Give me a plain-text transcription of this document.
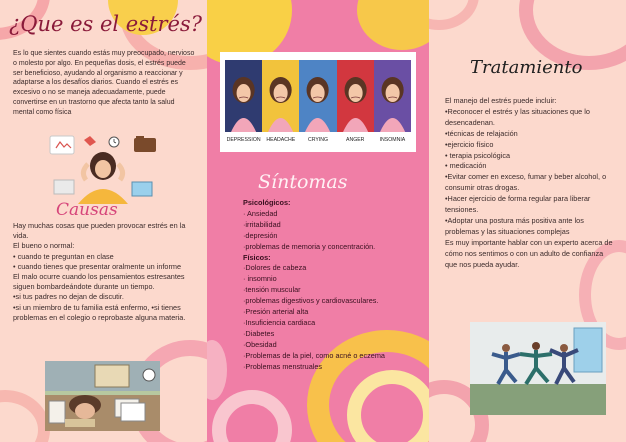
¿Que es el estrés?
Es lo que sientes cuando estás muy preocupado, nervioso o molesto por algo. En pequeñas dosis, el estrés puede ser beneficioso, ayudando al organismo a reaccionar y adaptarse a los desafíos diarios. Cuando el estrés es excesivo o no se maneja adecuadamente, puede convertirse en un trastorno que afecta tanto la salud mental como física
Causas
Hay muchas cosas que pueden provocar estrés en la vida.
El bueno o normal:
• cuando te preguntan en clase
• cuando tienes que presentar oralmente un informe
El malo ocurre cuando los pensamientos estresantes siguen bombardeándote durante un tiempo.
•si tus padres no dejan de discutir.
•si un miembro de tu familia está enfermo, •si tienes problemas en el colegio o reprobaste alguna materia.
DEPRESSION	HEADACHE	CRYING	ANGER	INSOMNIA
Síntomas
Psicológicos:
· Ansiedad
·irritabilidad
·depresión
·problemas de memoria y concentración.
Físicos:
·Dolores de cabeza
· insomnio
·tensión muscular
·problemas digestivos y cardiovasculares.
·Presión arterial alta
·Insuficiencia cardiaca
·Diabetes
·Obesidad
·Problemas de la piel, como acné o eczema
·Problemas menstruales
Tratamiento
El manejo del estrés puede incluir:
•Reconocer el estrés y las situaciones que lo desencadenan.
•técnicas de relajación
•ejercicio físico
• terapia psicológica
• medicación
•Evitar comer en exceso, fumar y beber alcohol, o consumir otras drogas.
•Hacer ejercicio de forma regular para liberar tensiones.
•Adoptar una postura más positiva ante los problemas y las situaciones complejas
Es muy importante hablar con un experto acerca de cómo nos sentimos o con un adulto de confianza que nos pueda ayudar.
